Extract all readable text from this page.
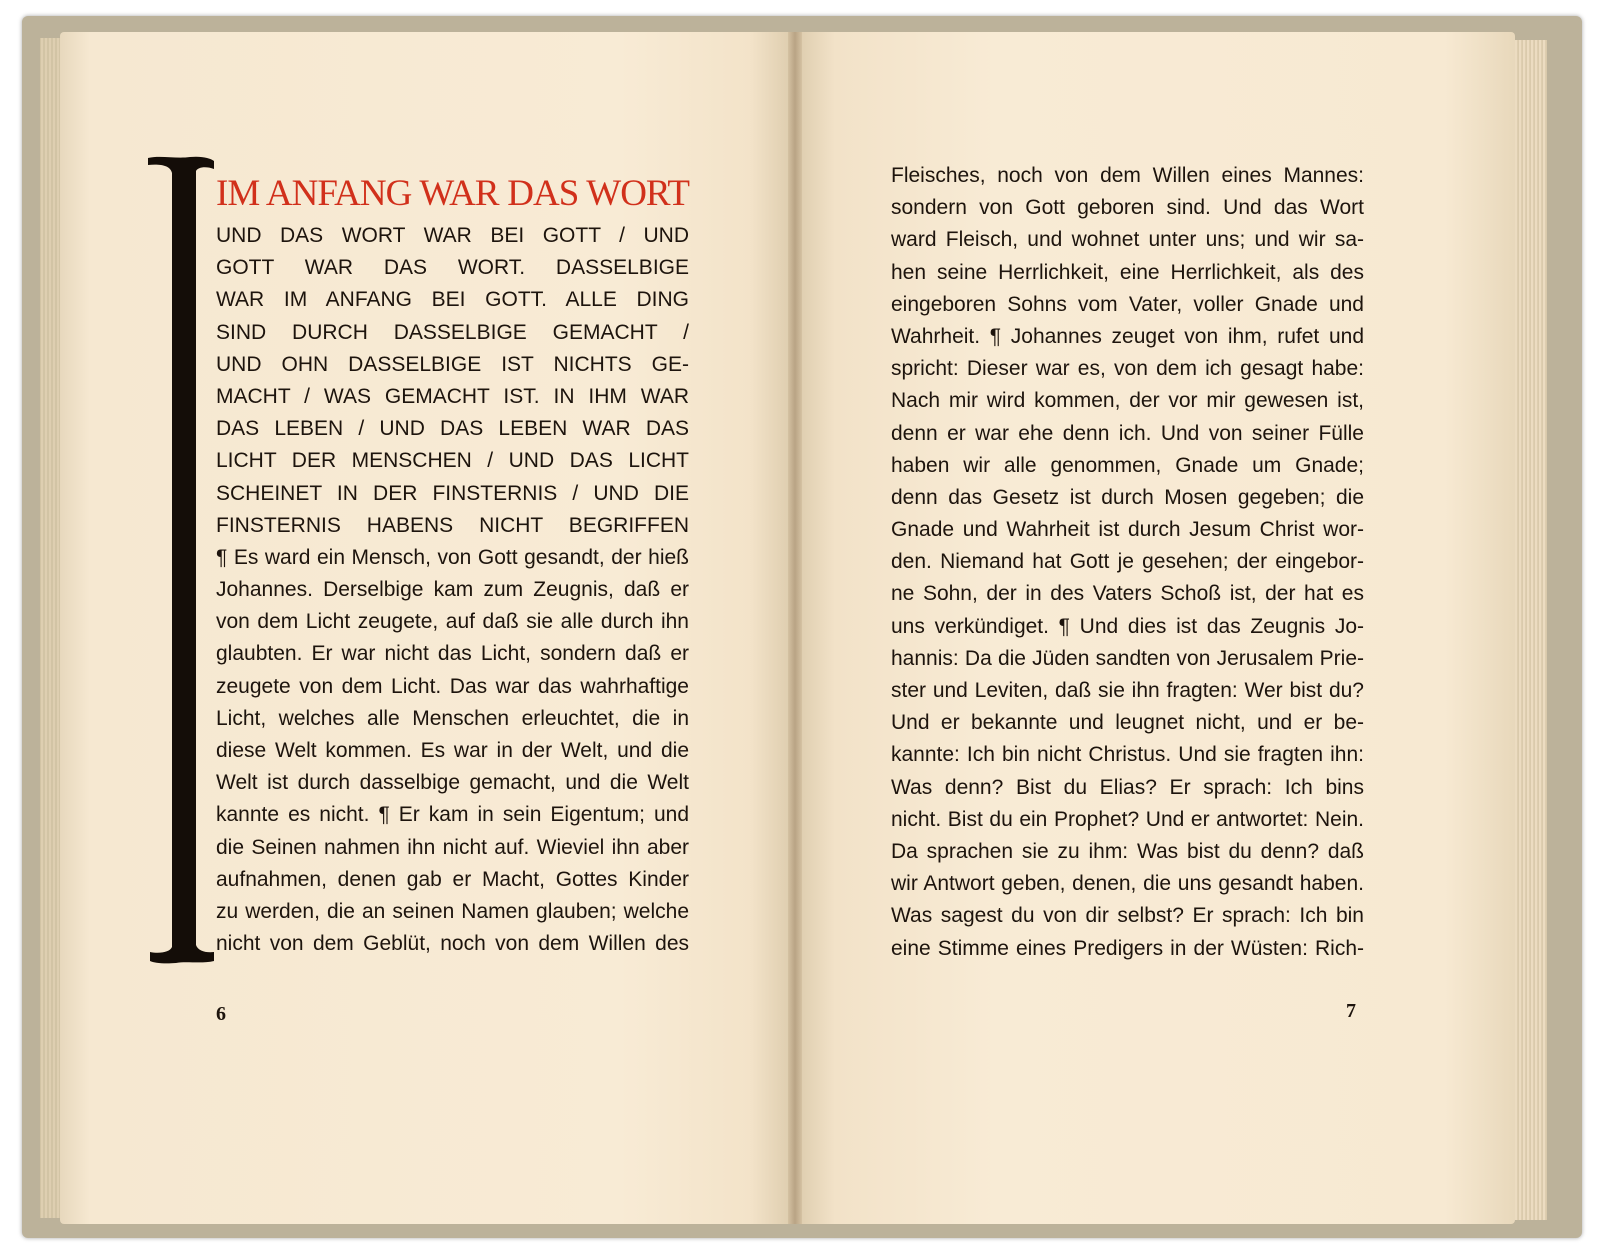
IM ANFANG WAR DAS WORT
UND DAS WORT WAR BEI GOTT / UND
GOTT WAR DAS WORT. DASSELBIGE
WAR IM ANFANG BEI GOTT. ALLE DING
SIND DURCH DASSELBIGE GEMACHT /
UND OHN DASSELBIGE IST NICHTS GE-
MACHT / WAS GEMACHT IST. IN IHM WAR
DAS LEBEN / UND DAS LEBEN WAR DAS
LICHT DER MENSCHEN / UND DAS LICHT
SCHEINET IN DER FINSTERNIS / UND DIE
FINSTERNIS HABENS NICHT BEGRIFFEN
¶ Es ward ein Mensch, von Gott gesandt, der hieß
Johannes. Derselbige kam zum Zeugnis, daß er
von dem Licht zeugete, auf daß sie alle durch ihn
glaubten. Er war nicht das Licht, sondern daß er
zeugete von dem Licht. Das war das wahrhaftige
Licht, welches alle Menschen erleuchtet, die in
diese Welt kommen. Es war in der Welt, und die
Welt ist durch dasselbige gemacht, und die Welt
kannte es nicht. ¶ Er kam in sein Eigentum; und
die Seinen nahmen ihn nicht auf. Wieviel ihn aber
aufnahmen, denen gab er Macht, Gottes Kinder
zu werden, die an seinen Namen glauben; welche
nicht von dem Geblüt, noch von dem Willen des
Fleisches, noch von dem Willen eines Mannes:
sondern von Gott geboren sind. Und das Wort
ward Fleisch, und wohnet unter uns; und wir sa-
hen seine Herrlichkeit, eine Herrlichkeit, als des
eingeboren Sohns vom Vater, voller Gnade und
Wahrheit. ¶ Johannes zeuget von ihm, rufet und
spricht: Dieser war es, von dem ich gesagt habe:
Nach mir wird kommen, der vor mir gewesen ist,
denn er war ehe denn ich. Und von seiner Fülle
haben wir alle genommen, Gnade um Gnade;
denn das Gesetz ist durch Mosen gegeben; die
Gnade und Wahrheit ist durch Jesum Christ wor-
den. Niemand hat Gott je gesehen; der eingebor-
ne Sohn, der in des Vaters Schoß ist, der hat es
uns verkündiget. ¶ Und dies ist das Zeugnis Jo-
hannis: Da die Jüden sandten von Jerusalem Prie-
ster und Leviten, daß sie ihn fragten: Wer bist du?
Und er bekannte und leugnet nicht, und er be-
kannte: Ich bin nicht Christus. Und sie fragten ihn:
Was denn? Bist du Elias? Er sprach: Ich bins
nicht. Bist du ein Prophet? Und er antwortet: Nein.
Da sprachen sie zu ihm: Was bist du denn? daß
wir Antwort geben, denen, die uns gesandt haben.
Was sagest du von dir selbst? Er sprach: Ich bin
eine Stimme eines Predigers in der Wüsten: Rich-
6	7
